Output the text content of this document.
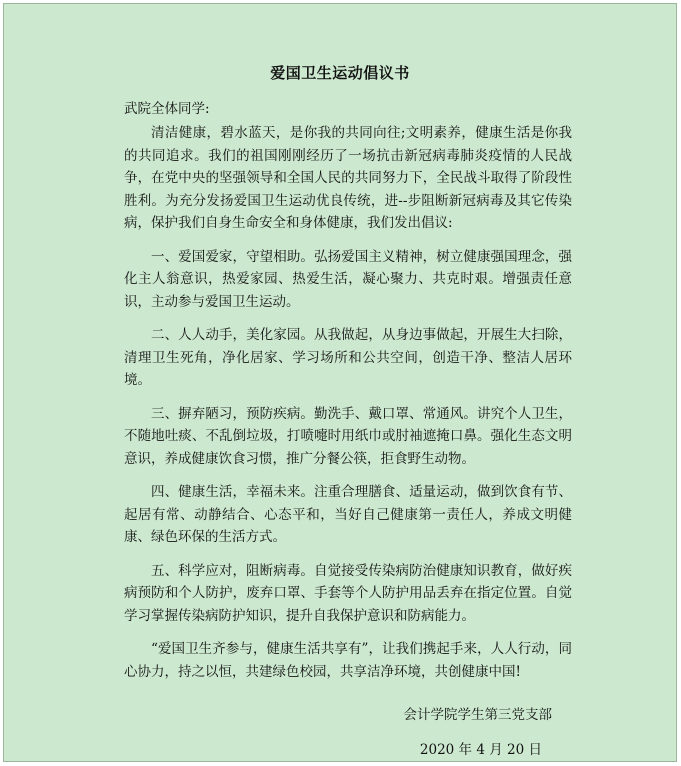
爱国卫生运动倡议书
武院全体同学:

清洁健康，碧水蓝天，是你我的共同向往;文明素养，健康生活是你我的共同追求。我们的祖国刚刚经历了一场抗击新冠病毒肺炎疫情的人民战争，在党中央的坚强领导和全国人民的共同努力下，全民战斗取得了阶段性胜利。为充分发扬爱国卫生运动优良传统，进--步阻断新冠病毒及其它传染病，保护我们自身生命安全和身体健康，我们发出倡议:

一、爱国爱家，守望相助。弘扬爱国主义精神，树立健康强国理念，强化主人翁意识，热爱家园、热爱生活，凝心聚力、共克时艰。增强责任意识，主动参与爱国卫生运动。

二、人人动手，美化家园。从我做起，从身边事做起，开展生大扫除，清理卫生死角，净化居家、学习场所和公共空间，创造干净、整洁人居环境。

三、摒弃陋习，预防疾病。勤洗手、戴口罩、常通风。讲究个人卫生，不随地吐痰、不乱倒垃圾，打喷嚏时用纸巾或肘袖遮掩口鼻。强化生态文明意识，养成健康饮食习惯，推广分餐公筷，拒食野生动物。

四、健康生活，幸福未来。注重合理膳食、适量运动，做到饮食有节、起居有常、动静结合、心态平和，当好自己健康第一责任人，养成文明健康、绿色环保的生活方式。

五、科学应对，阻断病毒。自觉接受传染病防治健康知识教育，做好疾病预防和个人防护，废弃口罩、手套等个人防护用品丢弃在指定位置。自觉学习掌握传染病防护知识，提升自我保护意识和防病能力。

“爱国卫生齐参与，健康生活共享有”，让我们携起手来，人人行动，同心协力，持之以恒，共建绿色校园，共享洁净环境，共创健康中国!

会计学院学生第三党支部
2020 年 4 月 20 日
